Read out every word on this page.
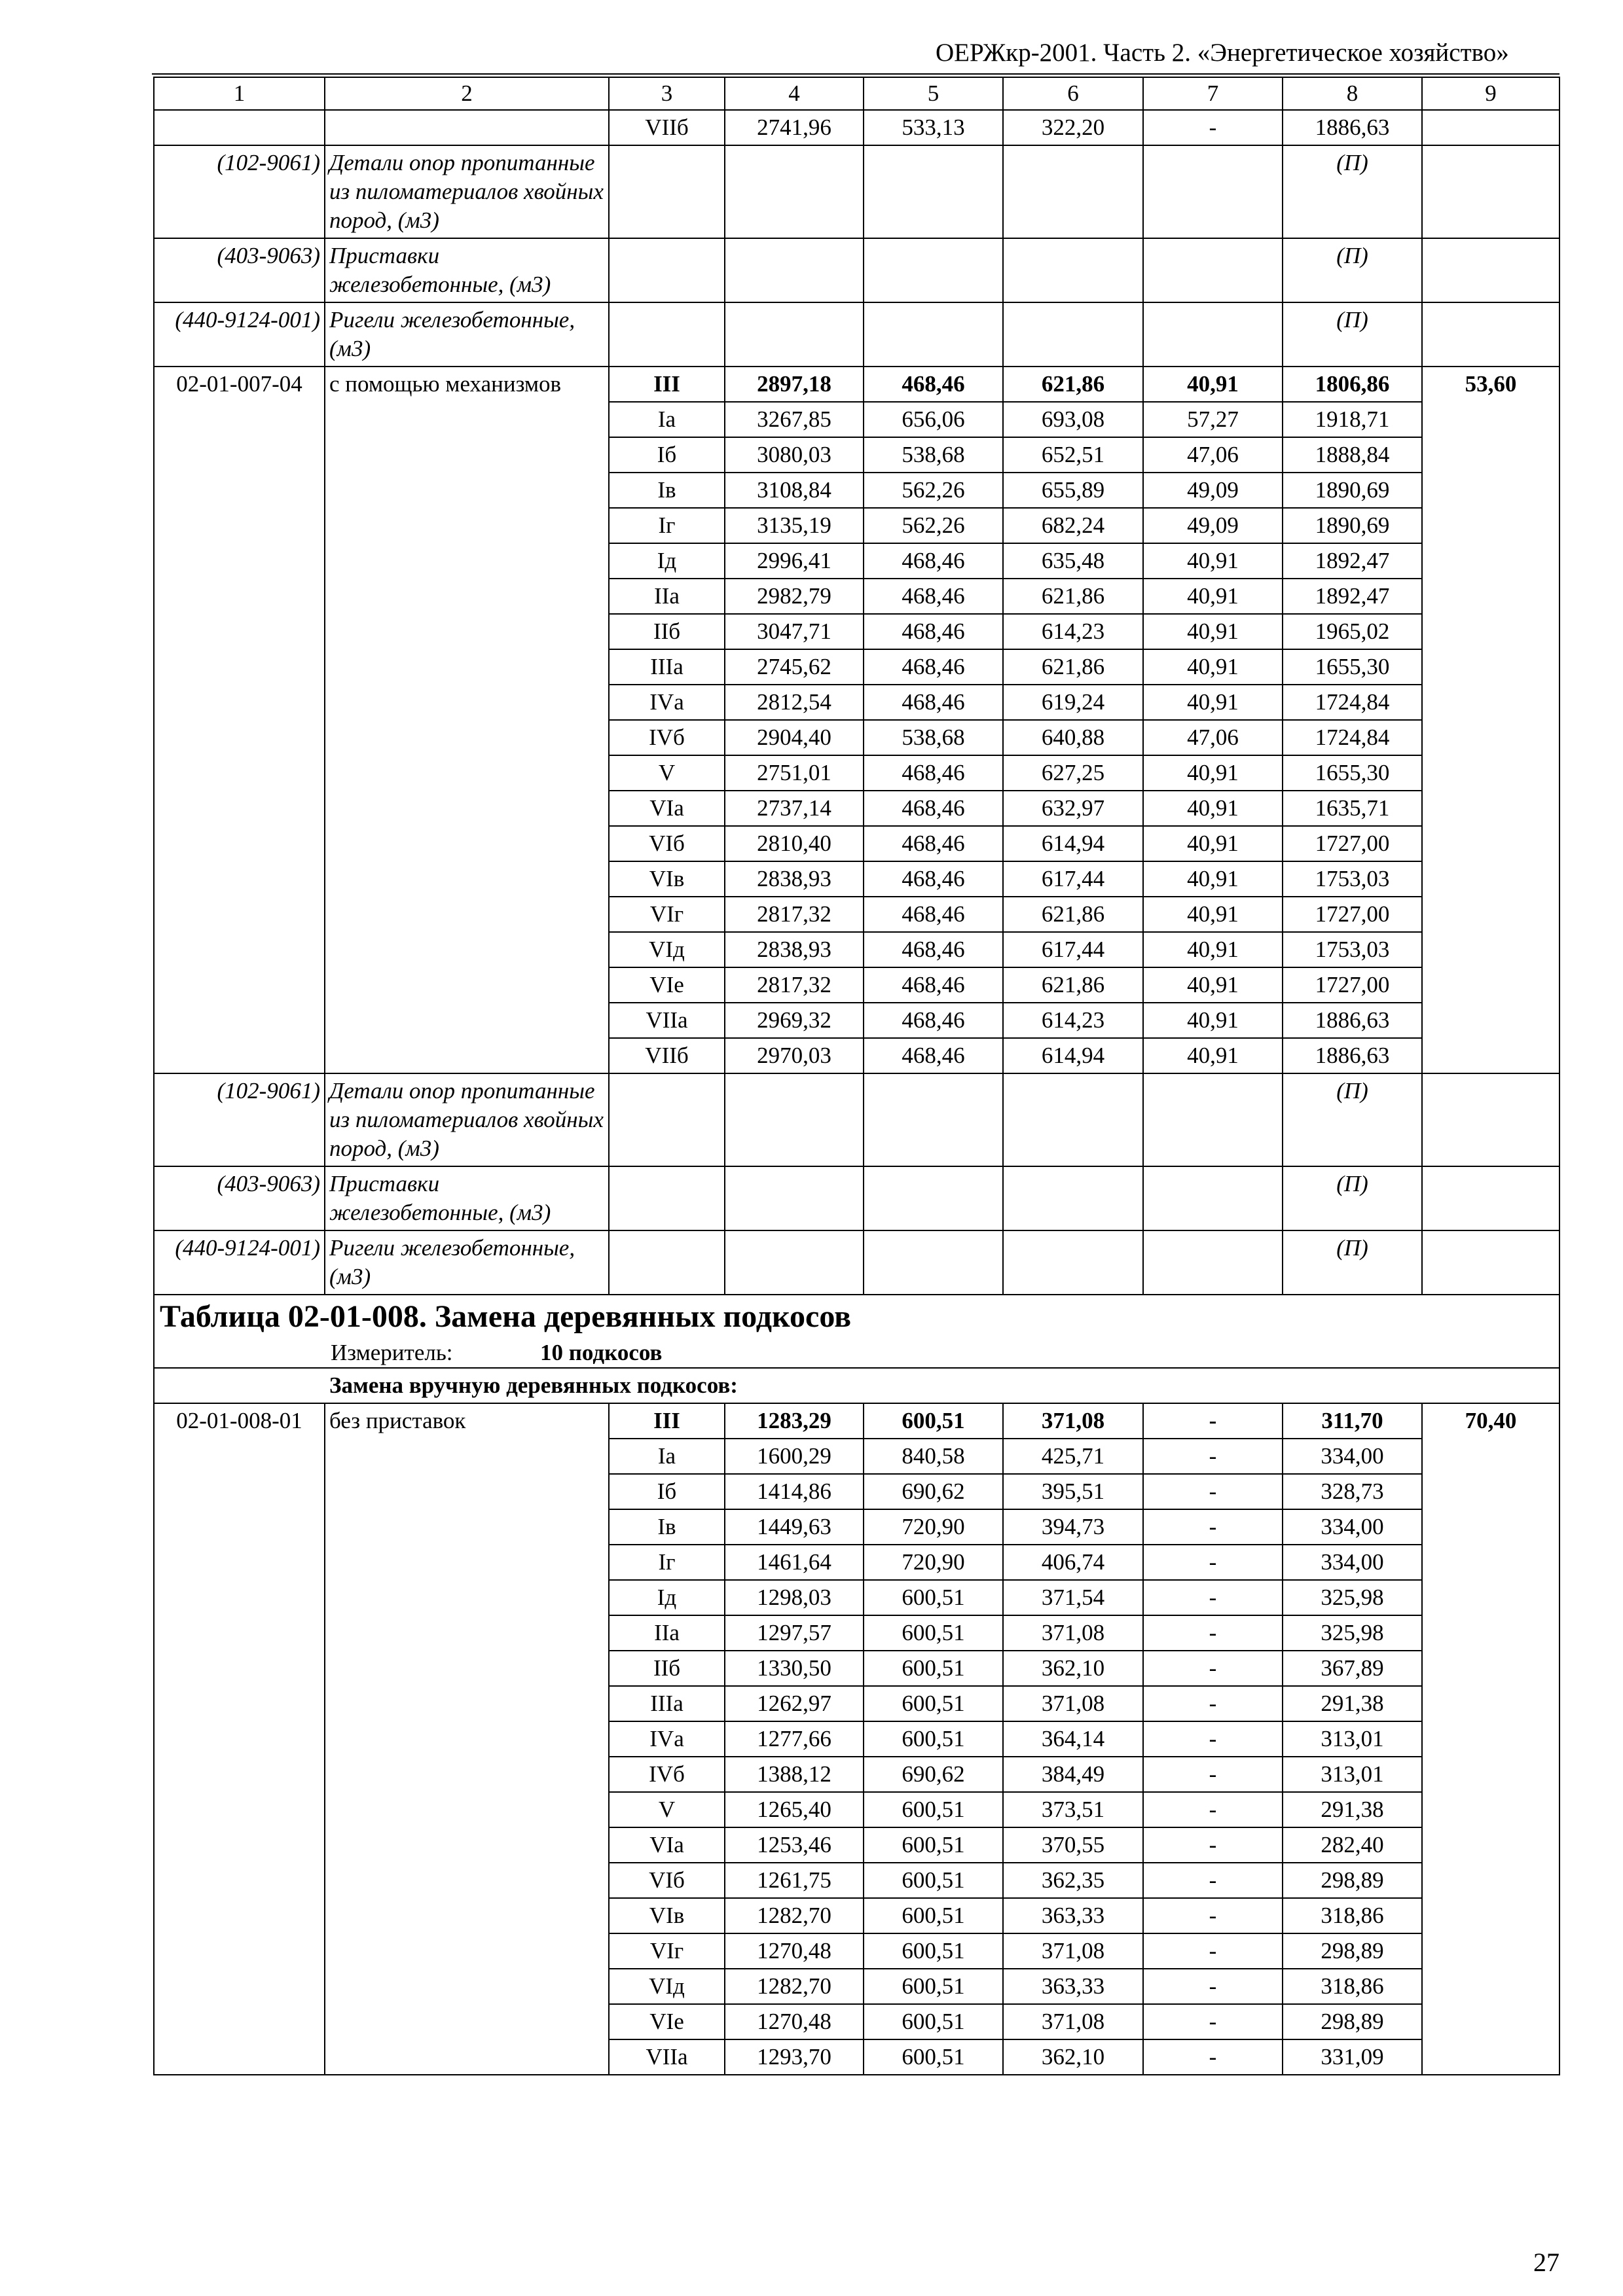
ОЕРЖкр-2001. Часть 2. «Энергетическое хозяйство»
1	2	3	4	5	6	7	8	9
		VIIб	2741,96	533,13	322,20	-	1886,63	
(102-9061)	Детали опор пропитанные из пиломатериалов хвойных пород, (м3)						(П)	
(403-9063)	Приставки железобетонные, (м3)						(П)	
(440-9124-001)	Ригели железобетонные, (м3)						(П)	
02-01-007-04	с помощью механизмов	III	2897,18	468,46	621,86	40,91	1806,86	53,60
		Iа	3267,85	656,06	693,08	57,27	1918,71	
		Iб	3080,03	538,68	652,51	47,06	1888,84	
		Iв	3108,84	562,26	655,89	49,09	1890,69	
		Iг	3135,19	562,26	682,24	49,09	1890,69	
		Iд	2996,41	468,46	635,48	40,91	1892,47	
		IIа	2982,79	468,46	621,86	40,91	1892,47	
		IIб	3047,71	468,46	614,23	40,91	1965,02	
		IIIа	2745,62	468,46	621,86	40,91	1655,30	
		IVа	2812,54	468,46	619,24	40,91	1724,84	
		IVб	2904,40	538,68	640,88	47,06	1724,84	
		V	2751,01	468,46	627,25	40,91	1655,30	
		VIа	2737,14	468,46	632,97	40,91	1635,71	
		VIб	2810,40	468,46	614,94	40,91	1727,00	
		VIв	2838,93	468,46	617,44	40,91	1753,03	
		VIг	2817,32	468,46	621,86	40,91	1727,00	
		VIд	2838,93	468,46	617,44	40,91	1753,03	
		VIе	2817,32	468,46	621,86	40,91	1727,00	
		VIIа	2969,32	468,46	614,23	40,91	1886,63	
		VIIб	2970,03	468,46	614,94	40,91	1886,63	
(102-9061)	Детали опор пропитанные из пиломатериалов хвойных пород, (м3)						(П)	
(403-9063)	Приставки железобетонные, (м3)						(П)	
(440-9124-001)	Ригели железобетонные, (м3)						(П)	

Таблица 02-01-008. Замена деревянных подкосов
Измеритель: 10 подкосов								

Замена вручную деревянных подкосов:								
02-01-008-01	без приставок	III	1283,29	600,51	371,08	-	311,70	70,40
		Iа	1600,29	840,58	425,71	-	334,00	
		Iб	1414,86	690,62	395,51	-	328,73	
		Iв	1449,63	720,90	394,73	-	334,00	
		Iг	1461,64	720,90	406,74	-	334,00	
		Iд	1298,03	600,51	371,54	-	325,98	
		IIа	1297,57	600,51	371,08	-	325,98	
		IIб	1330,50	600,51	362,10	-	367,89	
		IIIа	1262,97	600,51	371,08	-	291,38	
		IVа	1277,66	600,51	364,14	-	313,01	
		IVб	1388,12	690,62	384,49	-	313,01	
		V	1265,40	600,51	373,51	-	291,38	
		VIа	1253,46	600,51	370,55	-	282,40	
		VIб	1261,75	600,51	362,35	-	298,89	
		VIв	1282,70	600,51	363,33	-	318,86	
		VIг	1270,48	600,51	371,08	-	298,89	
		VIд	1282,70	600,51	363,33	-	318,86	
		VIе	1270,48	600,51	371,08	-	298,89	
		VIIа	1293,70	600,51	362,10	-	331,09	
27
